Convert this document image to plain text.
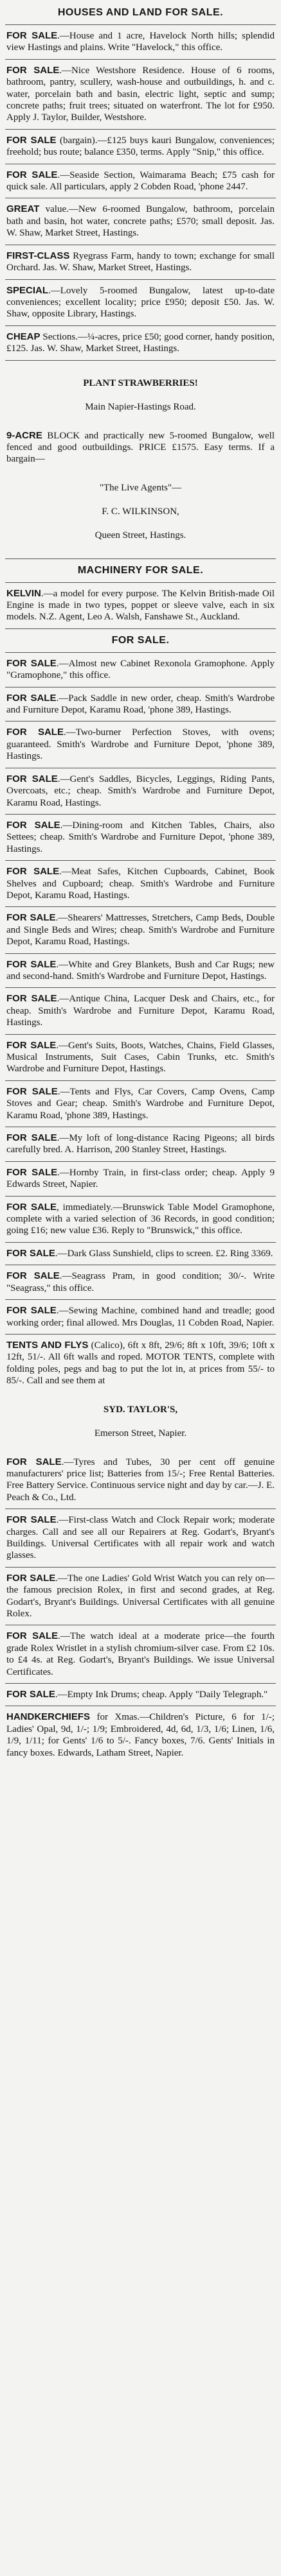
HOUSES AND LAND FOR SALE.
FOR SALE.—House and 1 acre, Havelock North hills; splendid view Hastings and plains. Write "Havelock," this office.
FOR SALE.—Nice Westshore Residence. House of 6 rooms, bathroom, pantry, scullery, wash-house and outbuildings, h. and c. water, porcelain bath and basin, electric light, septic and sump; concrete paths; fruit trees; situated on waterfront. The lot for £950. Apply J. Taylor, Builder, Westshore.
FOR SALE (bargain).—£125 buys kauri Bungalow, conveniences; freehold; bus route; balance £350, terms. Apply "Snip," this office.
FOR SALE.—Seaside Section, Waimarama Beach; £75 cash for quick sale. All particulars, apply 2 Cobden Road, 'phone 2447.
GREAT value.—New 6-roomed Bungalow, bathroom, porcelain bath and basin, hot water, concrete paths; £570; small deposit. Jas. W. Shaw, Market Street, Hastings.
FIRST-CLASS Ryegrass Farm, handy to town; exchange for small Orchard. Jas. W. Shaw, Market Street, Hastings.
SPECIAL.—Lovely 5-roomed Bungalow, latest up-to-date conveniences; excellent locality; price £950; deposit £50. Jas. W. Shaw, opposite Library, Hastings.
CHEAP Sections.—¼-acres, price £50; good corner, handy position, £125. Jas. W. Shaw, Market Street, Hastings.

PLANT STRAWBERRIES!

Main Napier-Hastings Road.

9-ACRE BLOCK and practically new 5-roomed Bungalow, well fenced and good outbuildings. PRICE £1575. Easy terms. If a bargain—

"The Live Agents"—

F. C. WILKINSON,

Queen Street, Hastings.

MACHINERY FOR SALE.
KELVIN.—a model for every purpose. The Kelvin British-made Oil Engine is made in two types, poppet or sleeve valve, each in six models. N.Z. Agent, Leo A. Walsh, Fanshawe St., Auckland.
FOR SALE.
FOR SALE.—Almost new Cabinet Rexonola Gramophone. Apply "Gramophone," this office.
FOR SALE.—Pack Saddle in new order, cheap. Smith's Wardrobe and Furniture Depot, Karamu Road, 'phone 389, Hastings.
FOR SALE.—Two-burner Perfection Stoves, with ovens; guaranteed. Smith's Wardrobe and Furniture Depot, 'phone 389, Hastings.
FOR SALE.—Gent's Saddles, Bicycles, Leggings, Riding Pants, Overcoats, etc.; cheap. Smith's Wardrobe and Furniture Depot, Karamu Road, Hastings.
FOR SALE.—Dining-room and Kitchen Tables, Chairs, also Settees; cheap. Smith's Wardrobe and Furniture Depot, 'phone 389, Hastings.
FOR SALE.—Meat Safes, Kitchen Cupboards, Cabinet, Book Shelves and Cupboard; cheap. Smith's Wardrobe and Furniture Depot, Karamu Road, Hastings.
FOR SALE.—Shearers' Mattresses, Stretchers, Camp Beds, Double and Single Beds and Wires; cheap. Smith's Wardrobe and Furniture Depot, Karamu Road, Hastings.
FOR SALE.—White and Grey Blankets, Bush and Car Rugs; new and second-hand. Smith's Wardrobe and Furniture Depot, Hastings.
FOR SALE.—Antique China, Lacquer Desk and Chairs, etc., for cheap. Smith's Wardrobe and Furniture Depot, Karamu Road, Hastings.
FOR SALE.—Gent's Suits, Boots, Watches, Chains, Field Glasses, Musical Instruments, Suit Cases, Cabin Trunks, etc. Smith's Wardrobe and Furniture Depot, Hastings.
FOR SALE.—Tents and Flys, Car Covers, Camp Ovens, Camp Stoves and Gear; cheap. Smith's Wardrobe and Furniture Depot, Karamu Road, 'phone 389, Hastings.
FOR SALE.—My loft of long-distance Racing Pigeons; all birds carefully bred. A. Harrison, 200 Stanley Street, Hastings.
FOR SALE.—Hornby Train, in first-class order; cheap. Apply 9 Edwards Street, Napier.
FOR SALE, immediately.—Brunswick Table Model Gramophone, complete with a varied selection of 36 Records, in good condition; going £16; new value £36. Reply to "Brunswick," this office.
FOR SALE.—Dark Glass Sunshield, clips to screen. £2. Ring 3369.
FOR SALE.—Seagrass Pram, in good condition; 30/-. Write "Seagrass," this office.
FOR SALE.—Sewing Machine, combined hand and treadle; good working order; final allowed. Mrs Douglas, 11 Cobden Road, Napier.
TENTS AND FLYS (Calico), 6ft x 8ft, 29/6; 8ft x 10ft, 39/6; 10ft x 12ft, 51/-. All 6ft walls and roped. MOTOR TENTS, complete with folding poles, pegs and bag to put the lot in, at prices from 55/- to 85/-. Call and see them at

SYD. TAYLOR'S,

Emerson Street, Napier.

FOR SALE.—Tyres and Tubes, 30 per cent off genuine manufacturers' price list; Batteries from 15/-; Free Rental Batteries. Free Battery Service. Continuous service night and day by car.—J. E. Peach & Co., Ltd.
FOR SALE.—First-class Watch and Clock Repair work; moderate charges. Call and see all our Repairers at Reg. Godart's, Bryant's Buildings. Universal Certificates with all repair work and watch glasses.
FOR SALE.—The one Ladies' Gold Wrist Watch you can rely on—the famous precision Rolex, in first and second grades, at Reg. Godart's, Bryant's Buildings. Universal Certificates with all genuine Rolex.
FOR SALE.—The watch ideal at a moderate price—the fourth grade Rolex Wristlet in a stylish chromium-silver case. From £2 10s. to £4 4s. at Reg. Godart's, Bryant's Buildings. We issue Universal Certificates.
FOR SALE.—Empty Ink Drums; cheap. Apply "Daily Telegraph."
HANDKERCHIEFS for Xmas.—Children's Picture, 6 for 1/-; Ladies' Opal, 9d, 1/-; 1/9; Embroidered, 4d, 6d, 1/3, 1/6; Linen, 1/6, 1/9, 1/11; for Gents' 1/6 to 5/-. Fancy boxes, 7/6. Gents' Initials in fancy boxes. Edwards, Latham Street, Napier.
